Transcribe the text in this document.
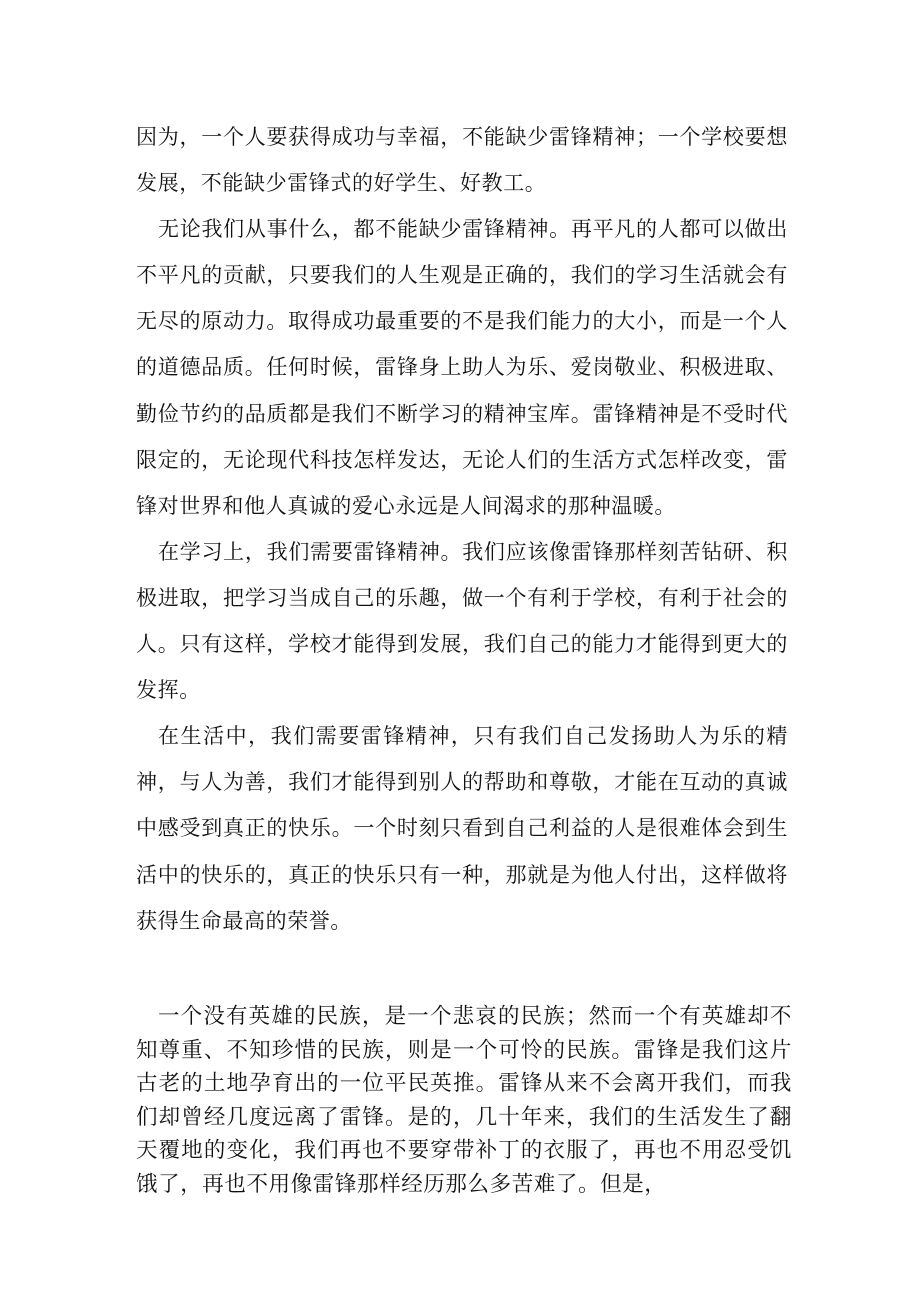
因为，一个人要获得成功与幸福，不能缺少雷锋精神；一个学校要想发展，不能缺少雷锋式的好学生、好教工。

无论我们从事什么，都不能缺少雷锋精神。再平凡的人都可以做出不平凡的贡献，只要我们的人生观是正确的，我们的学习生活就会有无尽的原动力。取得成功最重要的不是我们能力的大小，而是一个人的道德品质。任何时候，雷锋身上助人为乐、爱岗敬业、积极进取、勤俭节约的品质都是我们不断学习的精神宝库。雷锋精神是不受时代限定的，无论现代科技怎样发达，无论人们的生活方式怎样改变，雷锋对世界和他人真诚的爱心永远是人间渴求的那种温暖。

在学习上，我们需要雷锋精神。我们应该像雷锋那样刻苦钻研、积极进取，把学习当成自己的乐趣，做一个有利于学校，有利于社会的人。只有这样，学校才能得到发展，我们自己的能力才能得到更大的发挥。

在生活中，我们需要雷锋精神，只有我们自己发扬助人为乐的精神，与人为善，我们才能得到别人的帮助和尊敬，才能在互动的真诚中感受到真正的快乐。一个时刻只看到自己利益的人是很难体会到生活中的快乐的，真正的快乐只有一种，那就是为他人付出，这样做将获得生命最高的荣誉。

一个没有英雄的民族，是一个悲哀的民族；然而一个有英雄却不知尊重、不知珍惜的民族，则是一个可怜的民族。雷锋是我们这片古老的土地孕育出的一位平民英推。雷锋从来不会离开我们，而我们却曾经几度远离了雷锋。是的，几十年来，我们的生活发生了翻天覆地的变化，我们再也不要穿带补丁的衣服了，再也不用忍受饥饿了，再也不用像雷锋那样经历那么多苦难了。但是，
